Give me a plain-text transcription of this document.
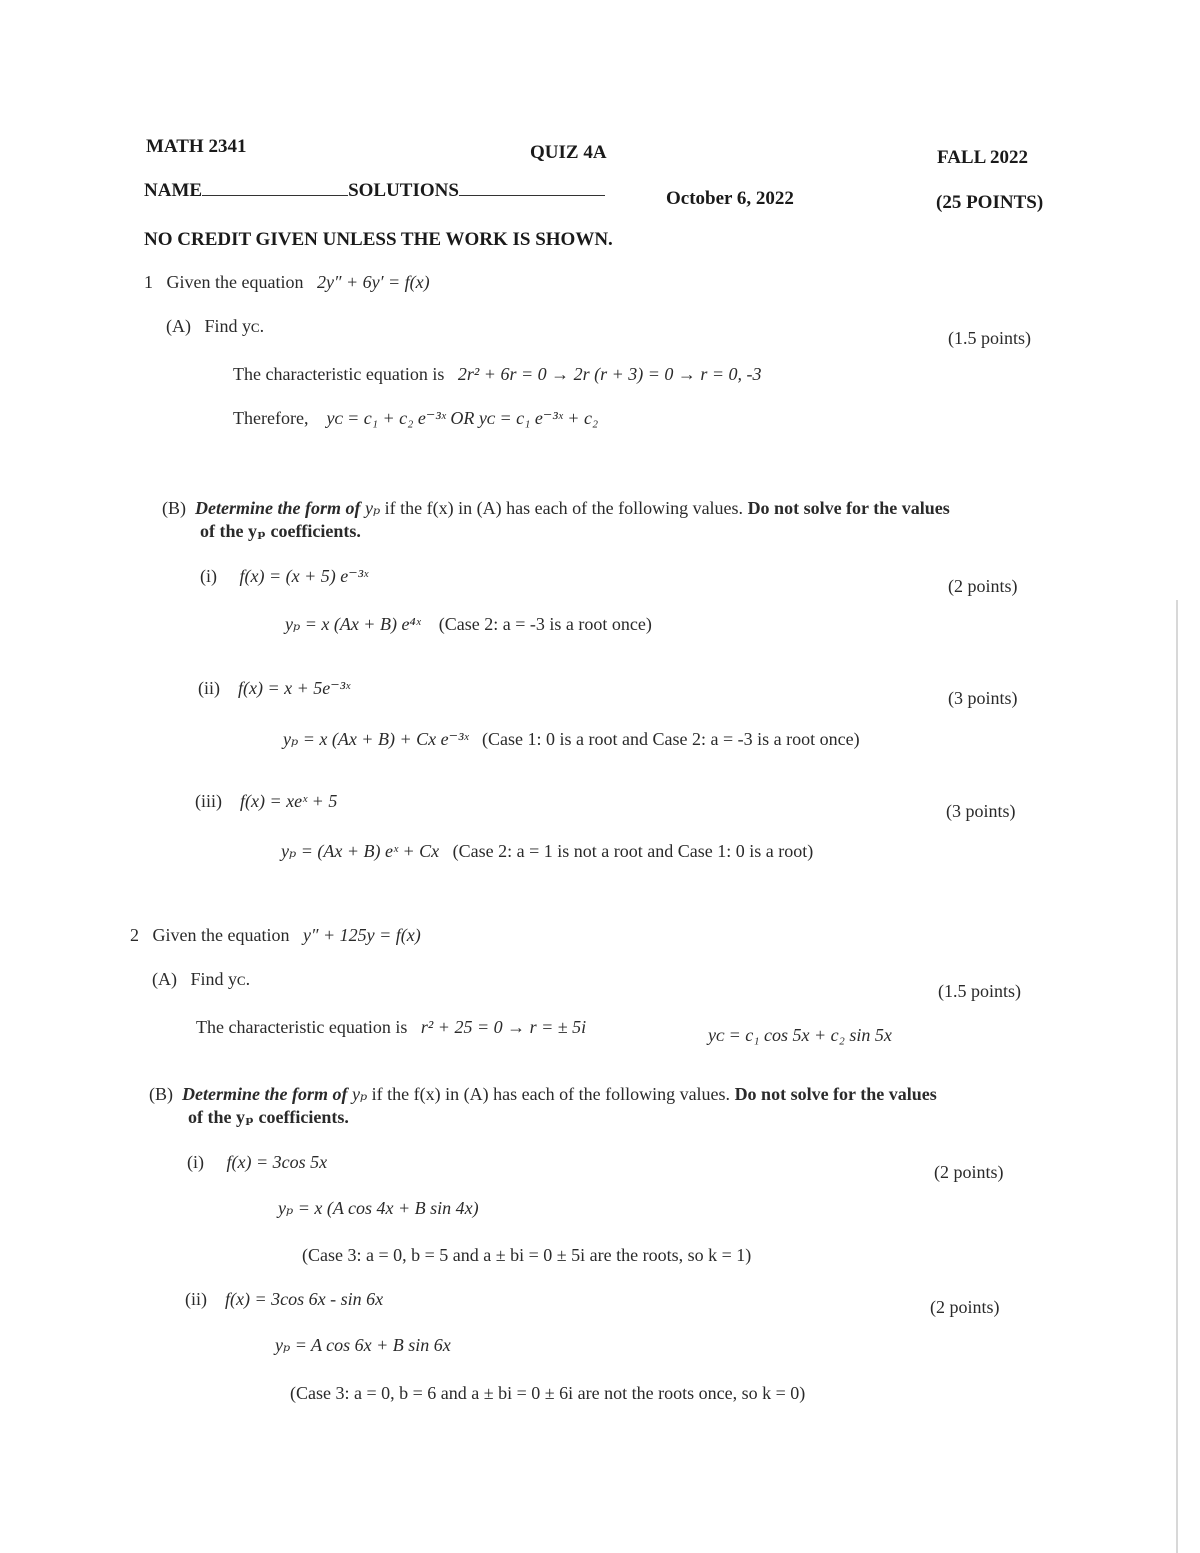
MATH 2341	QUIZ 4A	FALL 2022
NAME	SOLUTIONS	October 6, 2022	(25 POINTS)
NO CREDIT GIVEN UNLESS THE WORK IS SHOWN.
1 Given the equation 2y″ + 6y′ = f(x)
(A) Find yᴄ.
(1.5 points)
The characteristic equation is 2r² + 6r = 0 → 2r (r + 3) = 0 → r = 0, -3
Therefore, yᴄ = c₁ + c₂ e⁻³ˣ OR yᴄ = c₁ e⁻³ˣ + c₂
(B) Determine the form of yₚ if the f(x) in (A) has each of the following values. Do not solve for the values
of the yₚ coefficients.
(i) f(x) = (x + 5) e⁻³ˣ	(2 points)
yₚ = x (Ax + B) e⁴ˣ (Case 2: a = -3 is a root once)
(ii) f(x) = x + 5e⁻³ˣ	(3 points)
yₚ = x (Ax + B) + Cx e⁻³ˣ (Case 1: 0 is a root and Case 2: a = -3 is a root once)
(iii) f(x) = xeˣ + 5	(3 points)
yₚ = (Ax + B) eˣ + Cx (Case 2: a = 1 is not a root and Case 1: 0 is a root)
2 Given the equation y″ + 125y = f(x)
(A) Find yᴄ.
(1.5 points)
The characteristic equation is r² + 25 = 0 → r = ± 5i	yᴄ = c₁ cos 5x + c₂ sin 5x
(B) Determine the form of yₚ if the f(x) in (A) has each of the following values. Do not solve for the values
of the yₚ coefficients.
(i) f(x) = 3cos 5x	(2 points)
yₚ = x (A cos 4x + B sin 4x)
(Case 3: a = 0, b = 5 and a ± bi = 0 ± 5i are the roots, so k = 1)
(ii) f(x) = 3cos 6x - sin 6x	(2 points)
yₚ = A cos 6x + B sin 6x
(Case 3: a = 0, b = 6 and a ± bi = 0 ± 6i are not the roots once, so k = 0)
